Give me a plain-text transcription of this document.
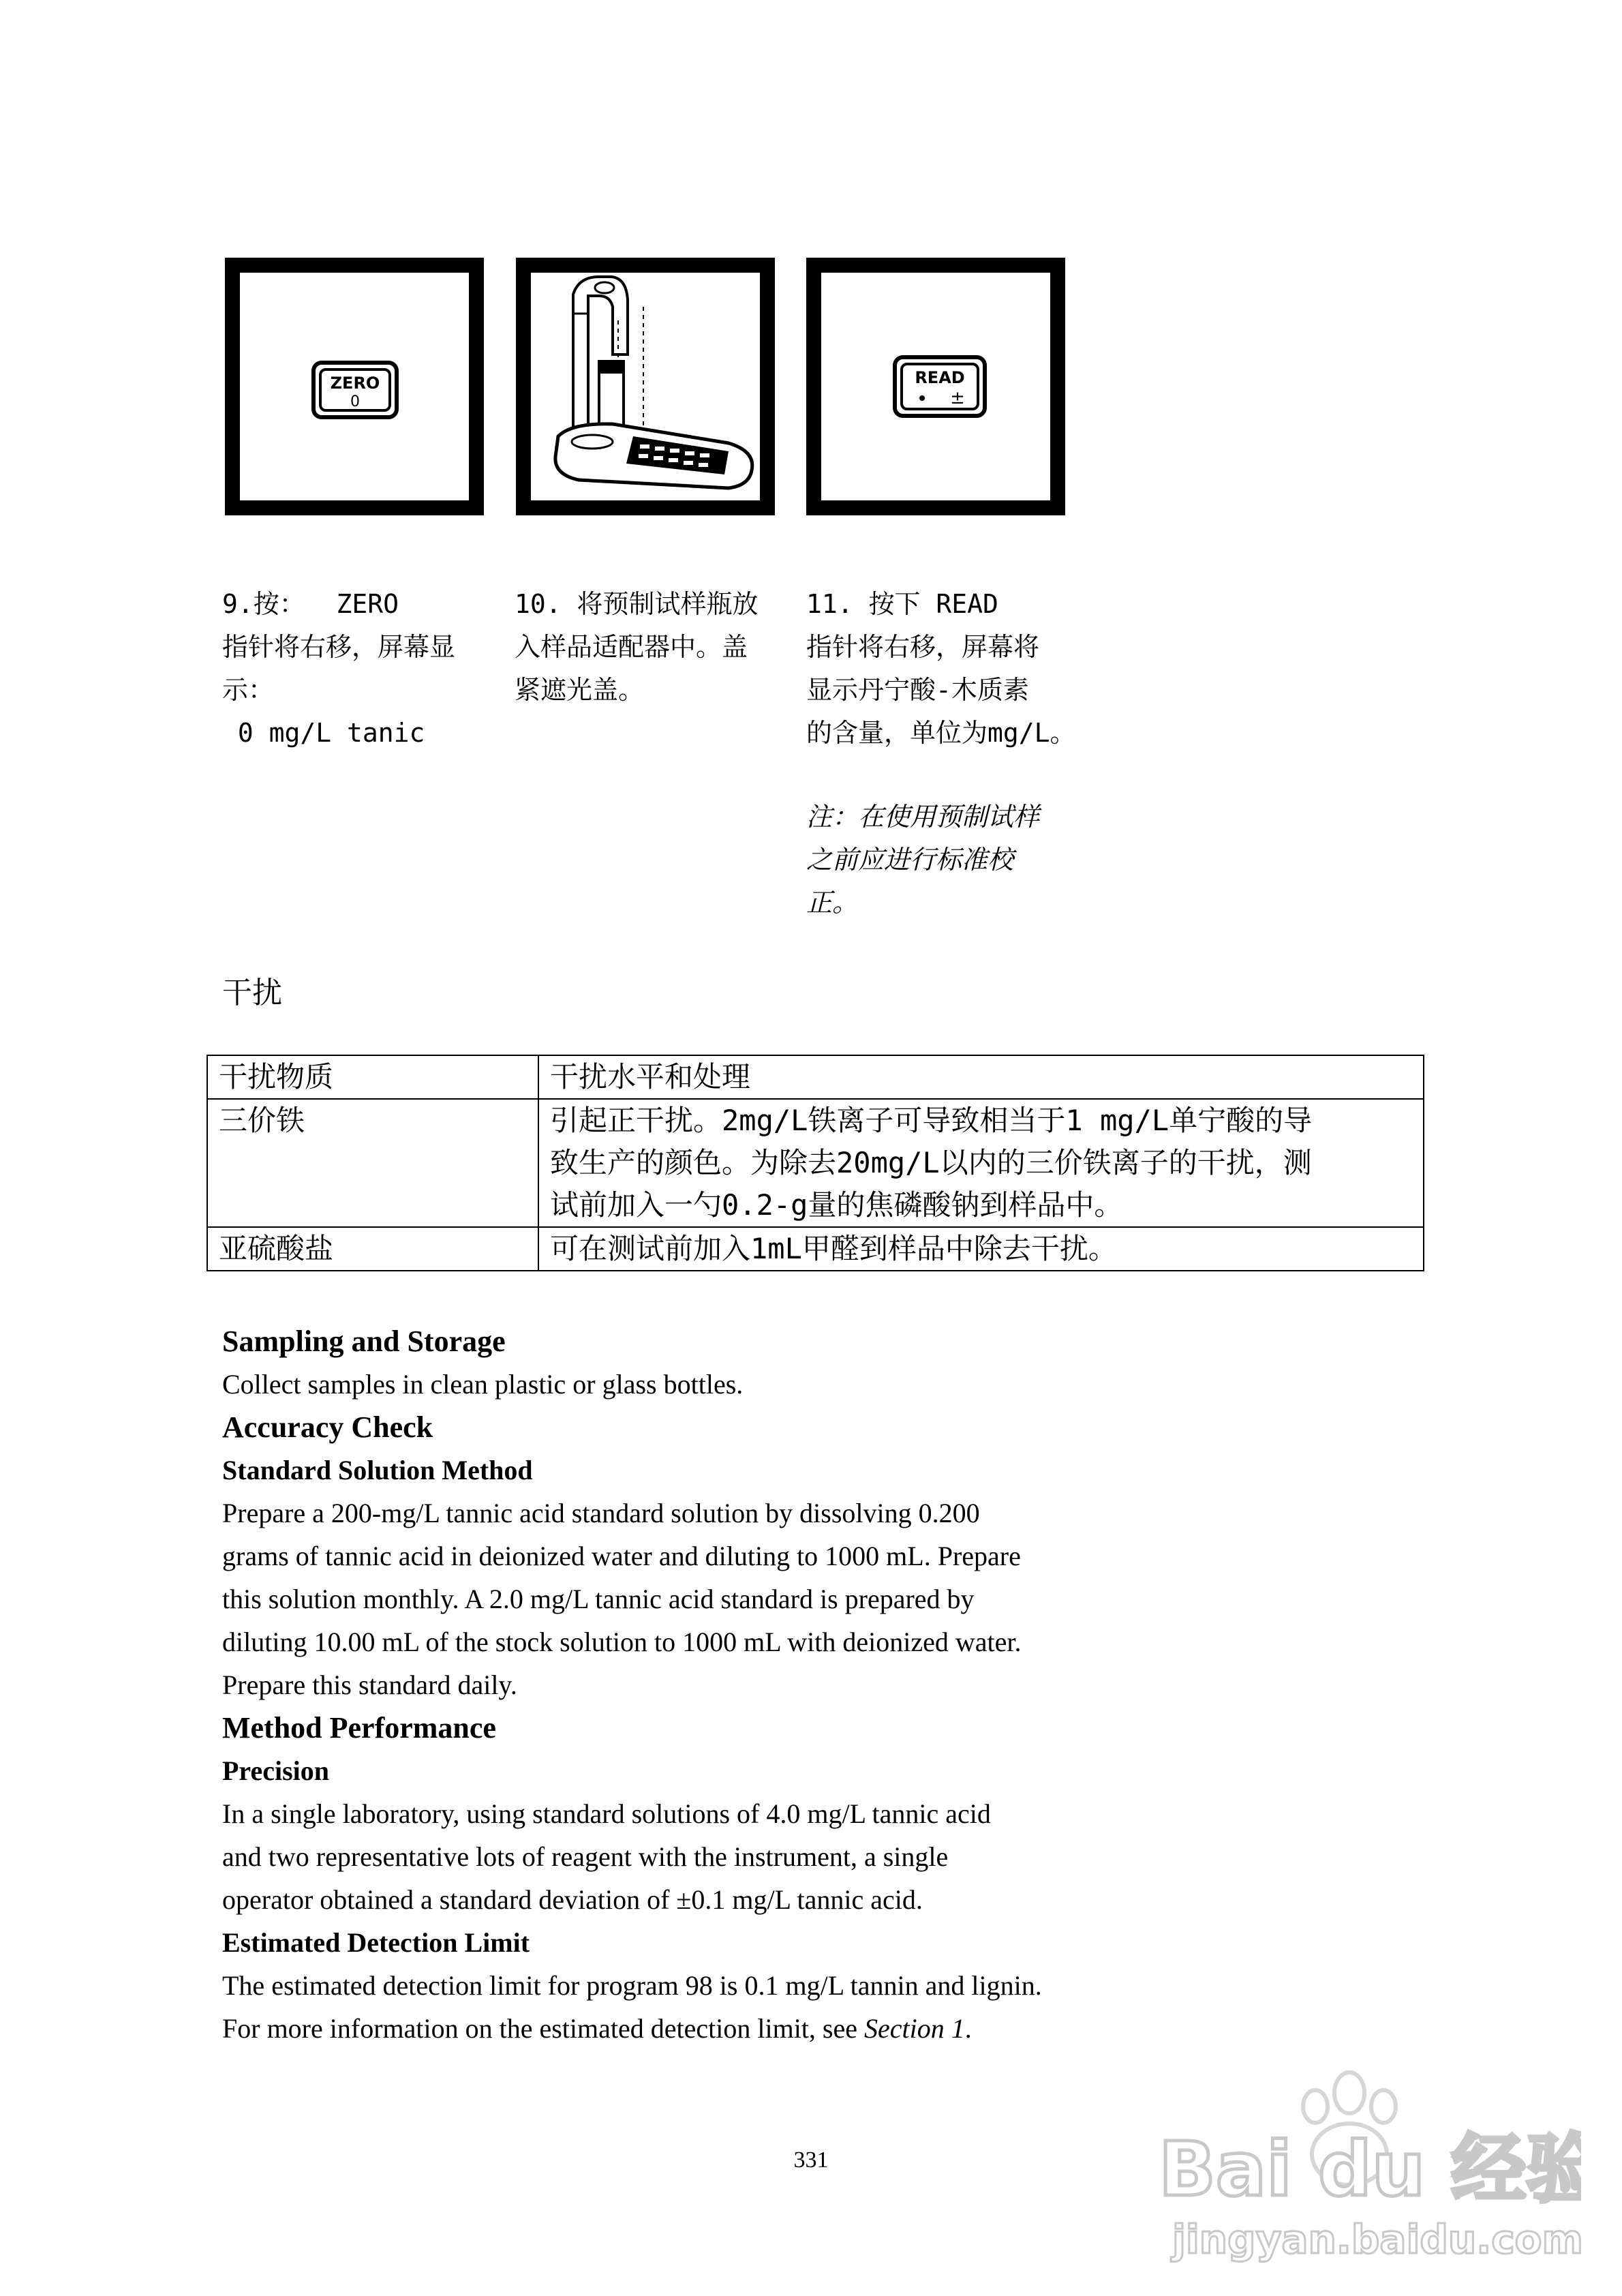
ZERO
0
READ
±
9.按：  ZERO
指针将右移，屏幕显
示：
0 mg/L tanic
10. 将预制试样瓶放
入样品适配器中。盖
紧遮光盖。
11. 按下 READ
指针将右移，屏幕将
显示丹宁酸-木质素
的含量，单位为mg/L。

注：在使用预制试样
之前应进行标准校
正。
干扰
干扰物质	干扰水平和处理
三价铁	引起正干扰。2mg/L铁离子可导致相当于1 mg/L单宁酸的导
致生产的颜色。为除去20mg/L以内的三价铁离子的干扰，测
试前加入一勺0.2-g量的焦磷酸钠到样品中。

亚硫酸盐	可在测试前加入1mL甲醛到样品中除去干扰。
Sampling and Storage
Collect samples in clean plastic or glass bottles.
Accuracy Check
Standard Solution Method
Prepare a 200-mg/L tannic acid standard solution by dissolving 0.200
grams of tannic acid in deionized water and diluting to 1000 mL. Prepare
this solution monthly. A 2.0 mg/L tannic acid standard is prepared by
diluting 10.00 mL of the stock solution to 1000 mL with deionized water.
Prepare this standard daily.
Method Performance
Precision
In a single laboratory, using standard solutions of 4.0 mg/L tannic acid
and two representative lots of reagent with the instrument, a single
operator obtained a standard deviation of ±0.1 mg/L tannic acid.
Estimated Detection Limit
The estimated detection limit for program 98 is 0.1 mg/L tannin and lignin.
For more information on the estimated detection limit, see Section 1.
331	Bai du 经验
jingyan.baidu.com
